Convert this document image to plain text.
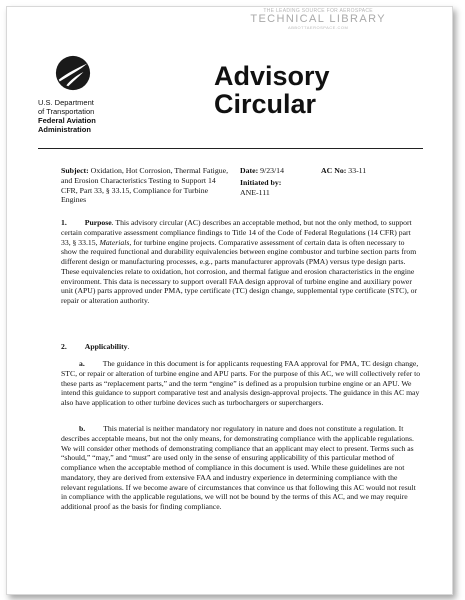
THE LEADING SOURCE FOR AEROSPACE
TECHNICAL LIBRARY
ABBOTTAEROSPACE.COM
U.S. Department
of Transportation
Federal Aviation
Administration
Advisory
Circular
Subject: Oxidation, Hot Corrosion, Thermal Fatigue, and Erosion Characteristics Testing to Support 14 CFR, Part 33, § 33.15, Compliance for Turbine Engines
Date: 9/23/14	AC No: 33-11
Initiated by:
ANE-111
1. Purpose. This advisory circular (AC) describes an acceptable method, but not the only method, to support certain comparative assessment compliance findings to Title 14 of the Code of Federal Regulations (14 CFR) part 33, § 33.15, Materials, for turbine engine projects. Comparative assessment of certain data is often necessary to show the required functional and durability equivalencies between engine combustor and turbine section parts from different design or manufacturing processes, e.g., parts manufacturer approvals (PMA) versus type design parts. These equivalencies relate to oxidation, hot corrosion, and thermal fatigue and erosion characteristics in the engine environment. This data is necessary to support overall FAA design approval of turbine engine and auxiliary power unit (APU) parts approved under PMA, type certificate (TC) design change, supplemental type certificate (STC), or repair or alteration authority.
2. Applicability.
a. The guidance in this document is for applicants requesting FAA approval for PMA, TC design change, STC, or repair or alteration of turbine engine and APU parts. For the purpose of this AC, we will collectively refer to these parts as “replacement parts,” and the term “engine” is defined as a propulsion turbine engine or an APU. We intend this guidance to support comparative test and analysis design-approval projects. The guidance in this AC may also have application to other turbine devices such as turbochargers or superchargers.
b. This material is neither mandatory nor regulatory in nature and does not constitute a regulation. It describes acceptable means, but not the only means, for demonstrating compliance with the applicable regulations. We will consider other methods of demonstrating compliance that an applicant may elect to present. Terms such as “should,” “may,” and “must” are used only in the sense of ensuring applicability of this particular method of compliance when the acceptable method of compliance in this document is used. While these guidelines are not mandatory, they are derived from extensive FAA and industry experience in determining compliance with the relevant regulations. If we become aware of circumstances that convince us that following this AC would not result in compliance with the applicable regulations, we will not be bound by the terms of this AC, and we may require additional proof as the basis for finding compliance.
